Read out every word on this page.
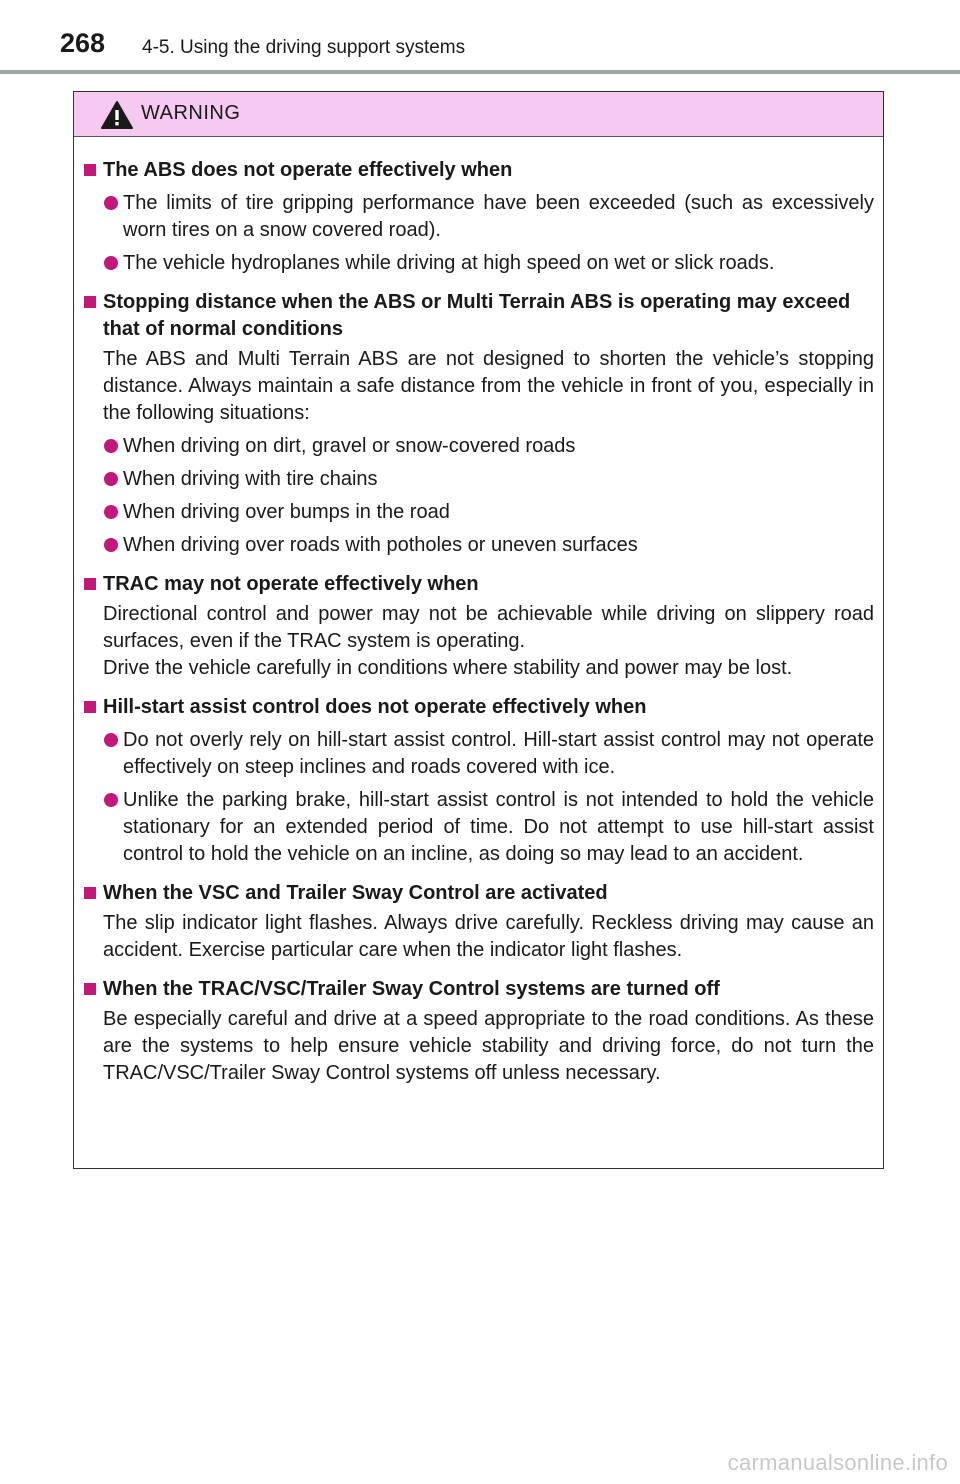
268 4-5. Using the driving support systems
WARNING
The ABS does not operate effectively when
The limits of tire gripping performance have been exceeded (such as excessively worn tires on a snow covered road).
The vehicle hydroplanes while driving at high speed on wet or slick roads.
Stopping distance when the ABS or Multi Terrain ABS is operating may exceed that of normal conditions
The ABS and Multi Terrain ABS are not designed to shorten the vehicle’s stopping distance. Always maintain a safe distance from the vehicle in front of you, especially in the following situations:
When driving on dirt, gravel or snow-covered roads
When driving with tire chains
When driving over bumps in the road
When driving over roads with potholes or uneven surfaces
TRAC may not operate effectively when
Directional control and power may not be achievable while driving on slippery road surfaces, even if the TRAC system is operating.
Drive the vehicle carefully in conditions where stability and power may be lost.
Hill-start assist control does not operate effectively when
Do not overly rely on hill-start assist control. Hill-start assist control may not operate effectively on steep inclines and roads covered with ice.
Unlike the parking brake, hill-start assist control is not intended to hold the vehicle stationary for an extended period of time. Do not attempt to use hill-start assist control to hold the vehicle on an incline, as doing so may lead to an accident.
When the VSC and Trailer Sway Control are activated
The slip indicator light flashes. Always drive carefully. Reckless driving may cause an accident. Exercise particular care when the indicator light flashes.
When the TRAC/VSC/Trailer Sway Control systems are turned off
Be especially careful and drive at a speed appropriate to the road conditions. As these are the systems to help ensure vehicle stability and driving force, do not turn the TRAC/VSC/Trailer Sway Control systems off unless necessary.
carmanualsonline.info
